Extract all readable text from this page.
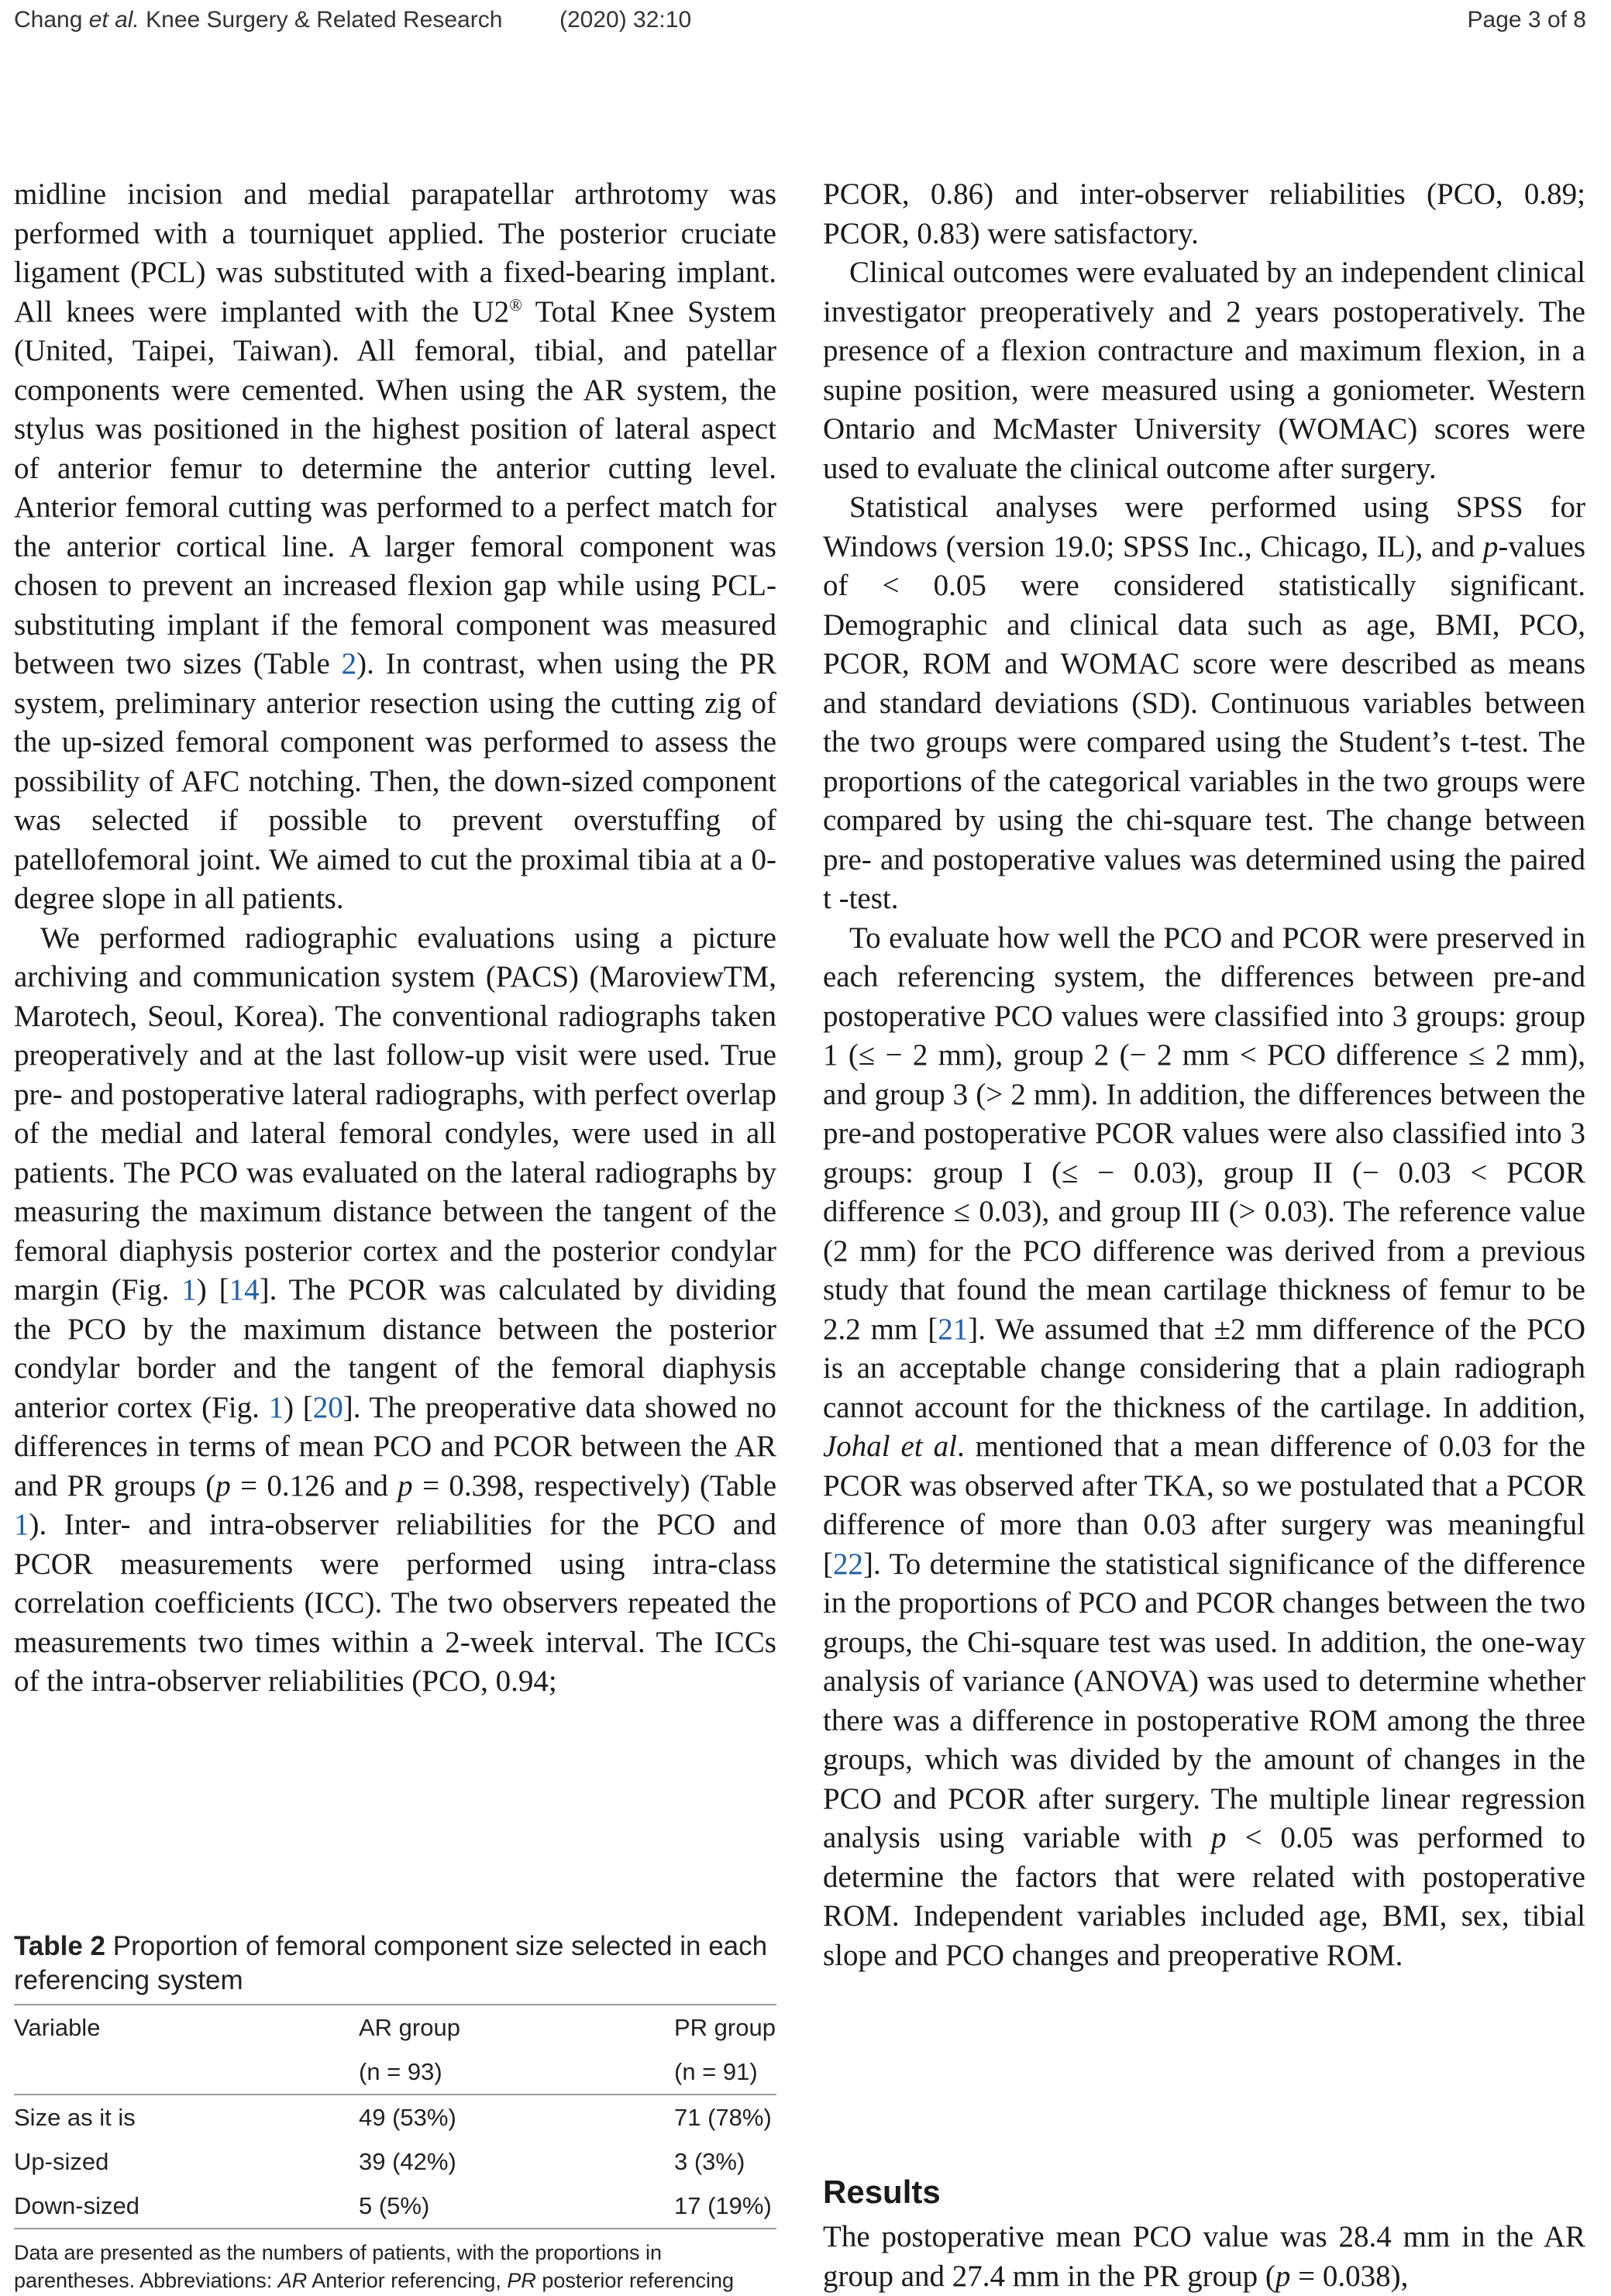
Chang et al. Knee Surgery & Related Research (2020) 32:10	Page 3 of 8

midline incision and medial parapatellar arthrotomy was performed with a tourniquet applied. The posterior cruciate ligament (PCL) was substituted with a fixed-bearing implant. All knees were implanted with the U2® Total Knee System (United, Taipei, Taiwan). All femoral, tibial, and patellar components were cemented. When using the AR system, the stylus was positioned in the highest position of lateral aspect of anterior femur to determine the anterior cutting level. Anterior femoral cutting was performed to a perfect match for the anterior cortical line. A larger femoral component was chosen to prevent an increased flexion gap while using PCL-substituting implant if the femoral component was measured between two sizes (Table 2). In contrast, when using the PR system, preliminary anterior resection using the cutting zig of the up-sized femoral component was performed to assess the possibility of AFC notching. Then, the down-sized component was selected if possible to prevent overstuffing of patellofemoral joint. We aimed to cut the proximal tibia at a 0-degree slope in all patients.

We performed radiographic evaluations using a picture archiving and communication system (PACS) (MaroviewTM, Marotech, Seoul, Korea). The conventional radiographs taken preoperatively and at the last follow-up visit were used. True pre- and postoperative lateral radiographs, with perfect overlap of the medial and lateral femoral condyles, were used in all patients. The PCO was evaluated on the lateral radiographs by measuring the maximum distance between the tangent of the femoral diaphysis posterior cortex and the posterior condylar margin (Fig. 1) [14]. The PCOR was calculated by dividing the PCO by the maximum distance between the posterior condylar border and the tangent of the femoral diaphysis anterior cortex (Fig. 1) [20]. The preoperative data showed no differences in terms of mean PCO and PCOR between the AR and PR groups (p = 0.126 and p = 0.398, respectively) (Table 1). Inter- and intra-observer reliabilities for the PCO and PCOR measurements were performed using intra-class correlation coefficients (ICC). The two observers repeated the measurements two times within a 2-week interval. The ICCs of the intra-observer reliabilities (PCO, 0.94;

PCOR, 0.86) and inter-observer reliabilities (PCO, 0.89; PCOR, 0.83) were satisfactory.

Clinical outcomes were evaluated by an independent clinical investigator preoperatively and 2 years postoperatively. The presence of a flexion contracture and maximum flexion, in a supine position, were measured using a goniometer. Western Ontario and McMaster University (WOMAC) scores were used to evaluate the clinical outcome after surgery.

Statistical analyses were performed using SPSS for Windows (version 19.0; SPSS Inc., Chicago, IL), and p-values of < 0.05 were considered statistically significant. Demographic and clinical data such as age, BMI, PCO, PCOR, ROM and WOMAC score were described as means and standard deviations (SD). Continuous variables between the two groups were compared using the Student’s t-test. The proportions of the categorical variables in the two groups were compared by using the chi-square test. The change between pre- and postoperative values was determined using the paired t -test.

To evaluate how well the PCO and PCOR were preserved in each referencing system, the differences between pre-and postoperative PCO values were classified into 3 groups: group 1 (≤ − 2 mm), group 2 (− 2 mm < PCO difference ≤ 2 mm), and group 3 (> 2 mm). In addition, the differences between the pre-and postoperative PCOR values were also classified into 3 groups: group I (≤ − 0.03), group II (− 0.03 < PCOR difference ≤ 0.03), and group III (> 0.03). The reference value (2 mm) for the PCO difference was derived from a previous study that found the mean cartilage thickness of femur to be 2.2 mm [21]. We assumed that ±2 mm difference of the PCO is an acceptable change considering that a plain radiograph cannot account for the thickness of the cartilage. In addition, Johal et al. mentioned that a mean difference of 0.03 for the PCOR was observed after TKA, so we postulated that a PCOR difference of more than 0.03 after surgery was meaningful [22]. To determine the statistical significance of the difference in the proportions of PCO and PCOR changes between the two groups, the Chi-square test was used. In addition, the one-way analysis of variance (ANOVA) was used to determine whether there was a difference in postoperative ROM among the three groups, which was divided by the amount of changes in the PCO and PCOR after surgery. The multiple linear regression analysis using variable with p < 0.05 was performed to determine the factors that were related with postoperative ROM. Independent variables included age, BMI, sex, tibial slope and PCO changes and preoperative ROM.

Table 2 Proportion of femoral component size selected in each referencing system
Variable	AR group	PR group
	(n = 93)	(n = 91)
Size as it is	49 (53%)	71 (78%)
Up-sized	39 (42%)	3 (3%)
Down-sized	5 (5%)	17 (19%)
Data are presented as the numbers of patients, with the proportions in parentheses. Abbreviations: AR Anterior referencing, PR posterior referencing
Results

The postoperative mean PCO value was 28.4 mm in the AR group and 27.4 mm in the PR group (p = 0.038),
